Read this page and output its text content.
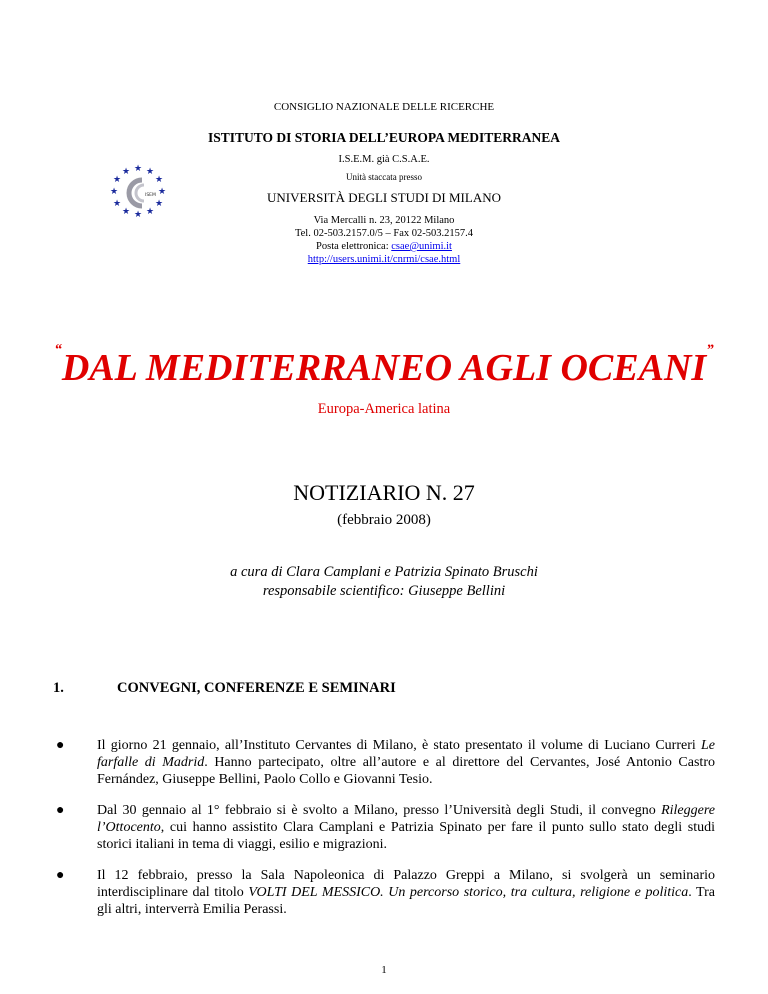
CONSIGLIO NAZIONALE DELLE RICERCHE
ISTITUTO DI STORIA DELL’EUROPA MEDITERRANEA
I.S.E.M. già C.S.A.E.
Unità staccata presso
UNIVERSITÀ DEGLI STUDI DI MILANO
Via Mercalli n. 23, 20122 Milano
Tel. 02-503.2157.0/5 – Fax 02-503.2157.4
Posta elettronica: csae@unimi.it
http://users.unimi.it/cnrmi/csae.html
★ ★
★
★
★
★
★
★
★
★
★
★
ISEM
“DAL MEDITERRANEO AGLI OCEANI”
Europa-America latina
NOTIZIARIO N. 27
(febbraio 2008)
a cura di Clara Camplani e Patrizia Spinato Bruschi
responsabile scientifico: Giuseppe Bellini
1.	CONVEGNI, CONFERENZE E SEMINARI
● Il giorno 21 gennaio, all’Instituto Cervantes di Milano, è stato presentato il volume di Luciano Curreri Le farfalle di Madrid. Hanno partecipato, oltre all’autore e al direttore del Cervantes, José Antonio Castro Fernández, Giuseppe Bellini, Paolo Collo e Giovanni Tesio.
● Dal 30 gennaio al 1° febbraio si è svolto a Milano, presso l’Università degli Studi, il convegno Rileggere l’Ottocento, cui hanno assistito Clara Camplani e Patrizia Spinato per fare il punto sullo stato degli studi storici italiani in tema di viaggi, esilio e migrazioni.
● Il 12 febbraio, presso la Sala Napoleonica di Palazzo Greppi a Milano, si svolgerà un seminario interdisciplinare dal titolo VOLTI DEL MESSICO. Un percorso storico, tra cultura, religione e politica. Tra gli altri, interverrà Emilia Perassi.
1
